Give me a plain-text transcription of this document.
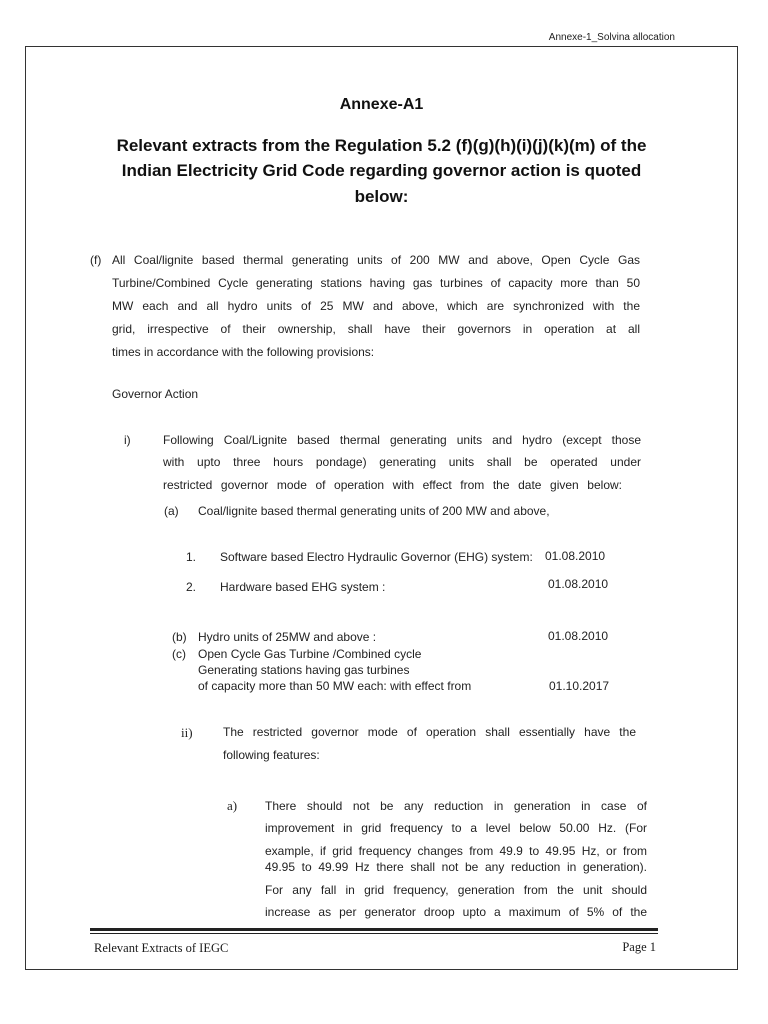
Annexe-1_Solvina allocation
Annexe-A1
Relevant extracts from the Regulation 5.2 (f)(g)(h)(i)(j)(k)(m) of the
Indian Electricity Grid Code regarding governor action is quoted
below:
(f) All Coal/lignite based thermal generating units of 200 MW and above, Open Cycle Gas
Turbine/Combined Cycle generating stations having gas turbines of capacity more than 50
MW each and all hydro units of 25 MW and above, which are synchronized with the
grid, irrespective of their ownership, shall have their governors in operation at all
times in accordance with the following provisions:
Governor Action
i)	Following Coal/Lignite based thermal generating units and hydro (except those
with upto three hours pondage) generating units shall be operated under
restricted governor mode of operation with effect from the date given below:
(a) Coal/lignite based thermal generating units of 200 MW and above,
1. Software based Electro Hydraulic Governor (EHG) system: 01.08.2010
2. Hardware based EHG system :	01.08.2010
(b) Hydro units of 25MW and above :	01.08.2010
(c) Open Cycle Gas Turbine /Combined cycle
Generating stations having gas turbines
of capacity more than 50 MW each: with effect from	01.10.2017
ii)	The restricted governor mode of operation shall essentially have the
following features:
a) There should not be any reduction in generation in case of
improvement in grid frequency to a level below 50.00 Hz. (For
example, if grid frequency changes from 49.9 to 49.95 Hz, or from
49.95 to 49.99 Hz there shall not be any reduction in generation).
For any fall in grid frequency, generation from the unit should
increase as per generator droop upto a maximum of 5% of the
Relevant Extracts of IEGC	Page 1
